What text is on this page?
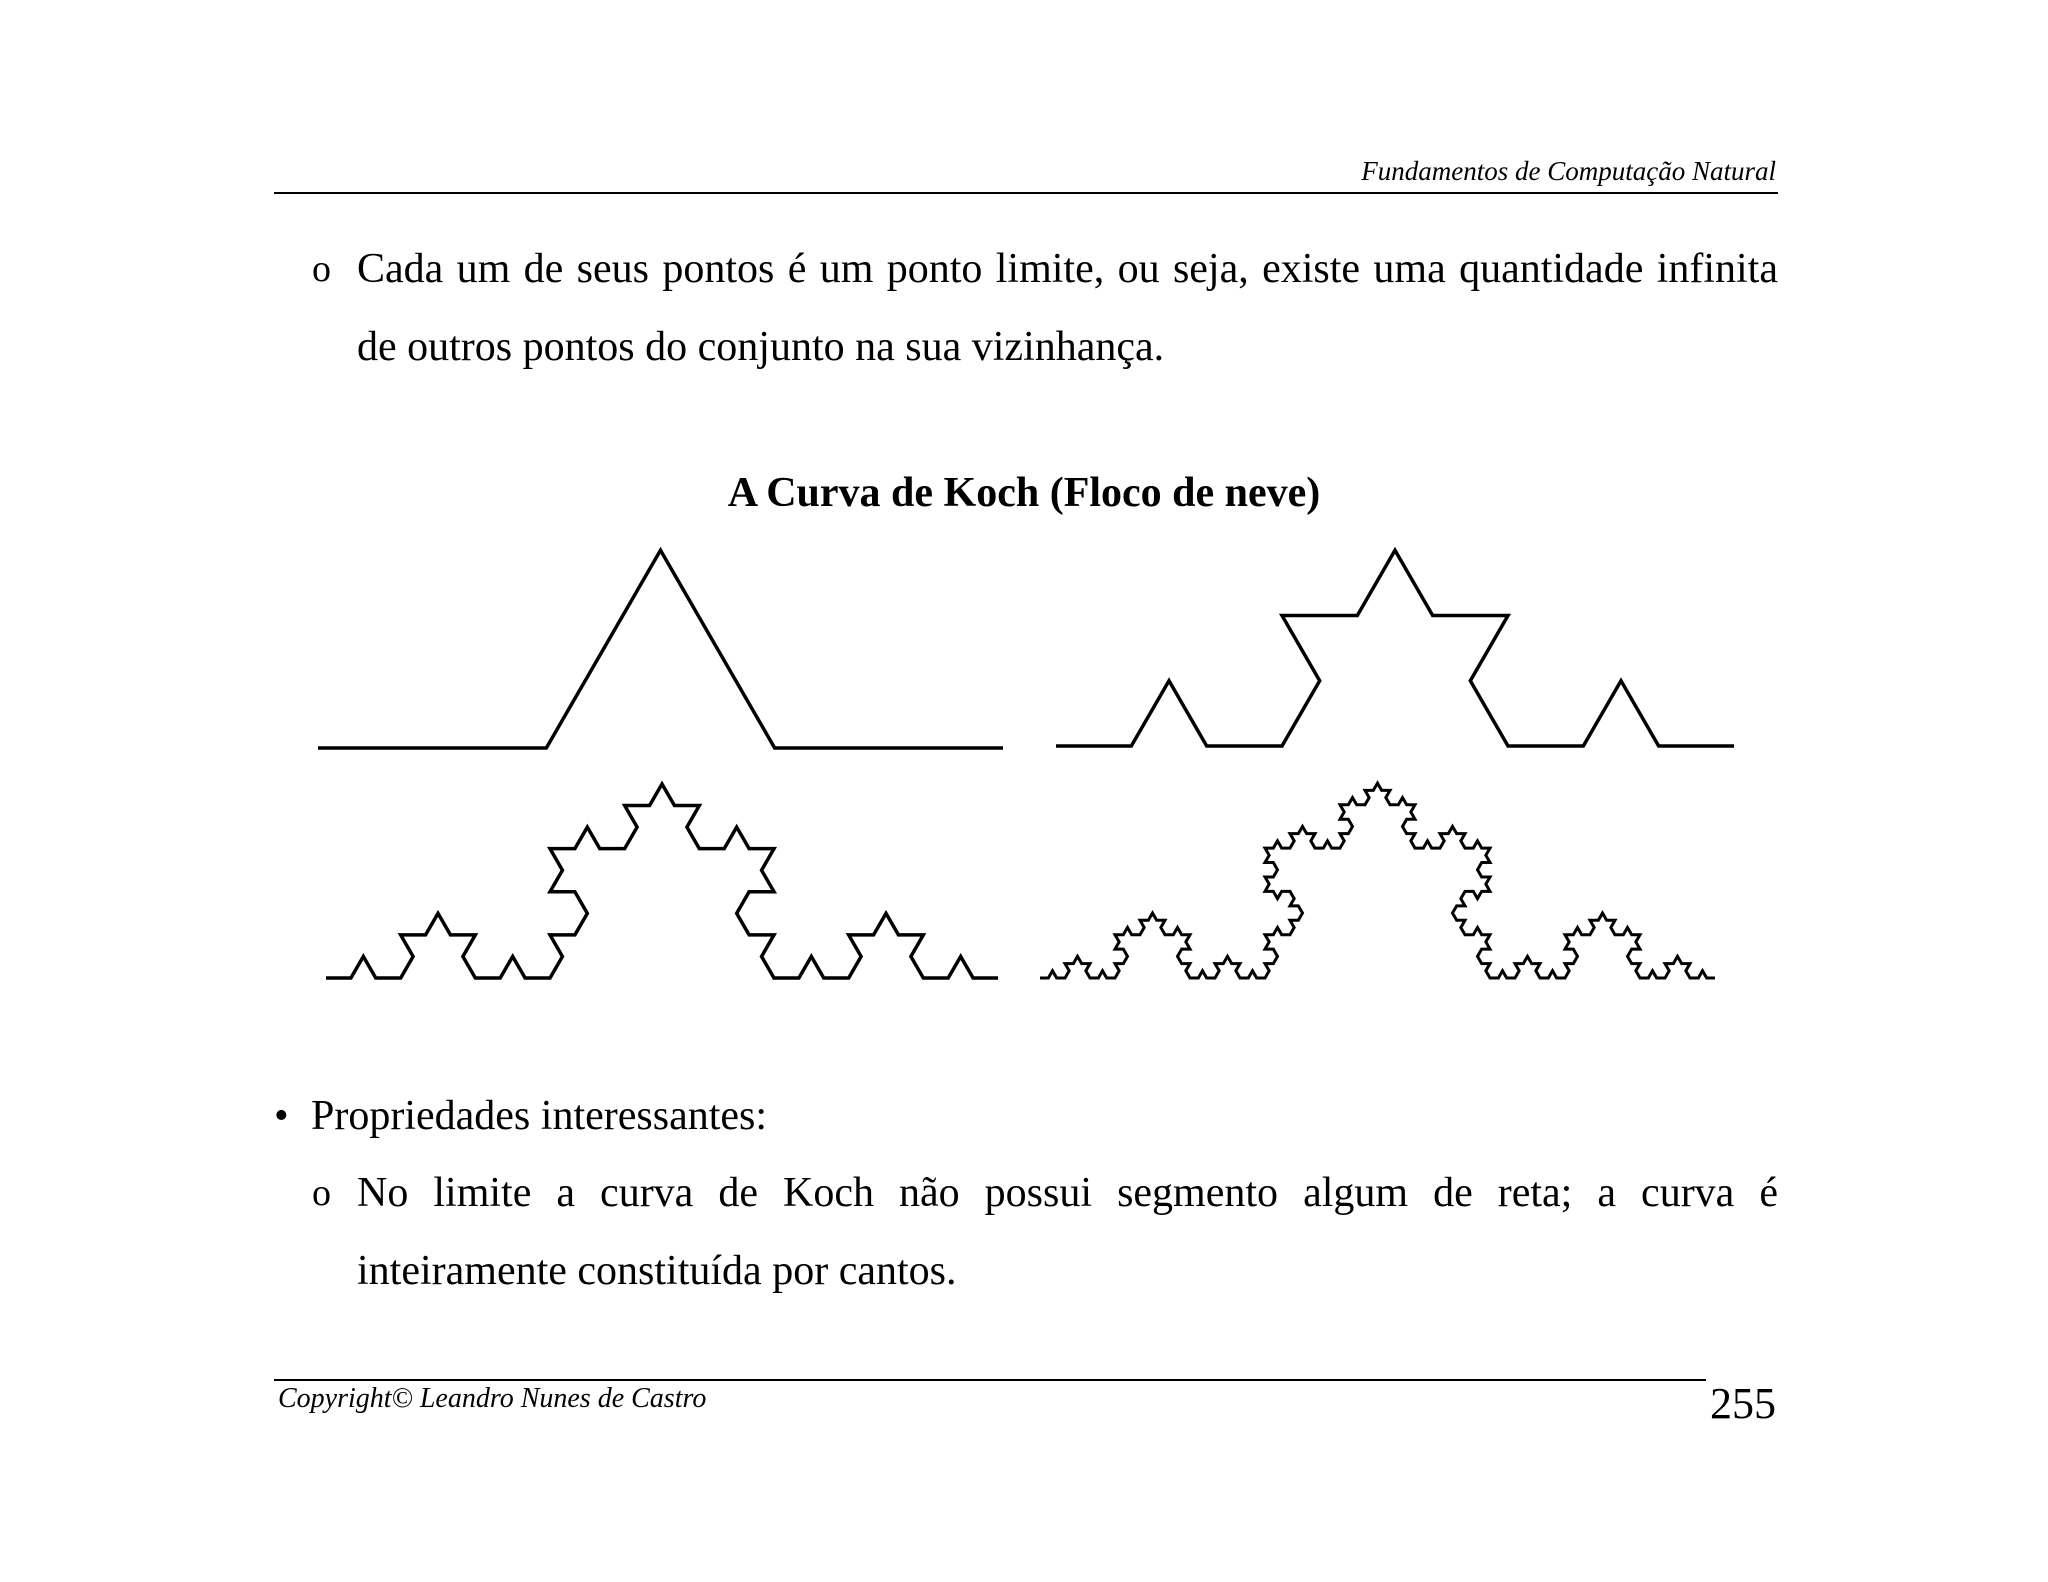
Fundamentos de Computação Natural
o Cada um de seus pontos é um ponto limite, ou seja, existe uma quantidade infinita de outros pontos do conjunto na sua vizinhança.
A Curva de Koch (Floco de neve)
• Propriedades interessantes:
o No limite a curva de Koch não possui segmento algum de reta; a curva é inteiramente constituída por cantos.
Copyright© Leandro Nunes de Castro	255
